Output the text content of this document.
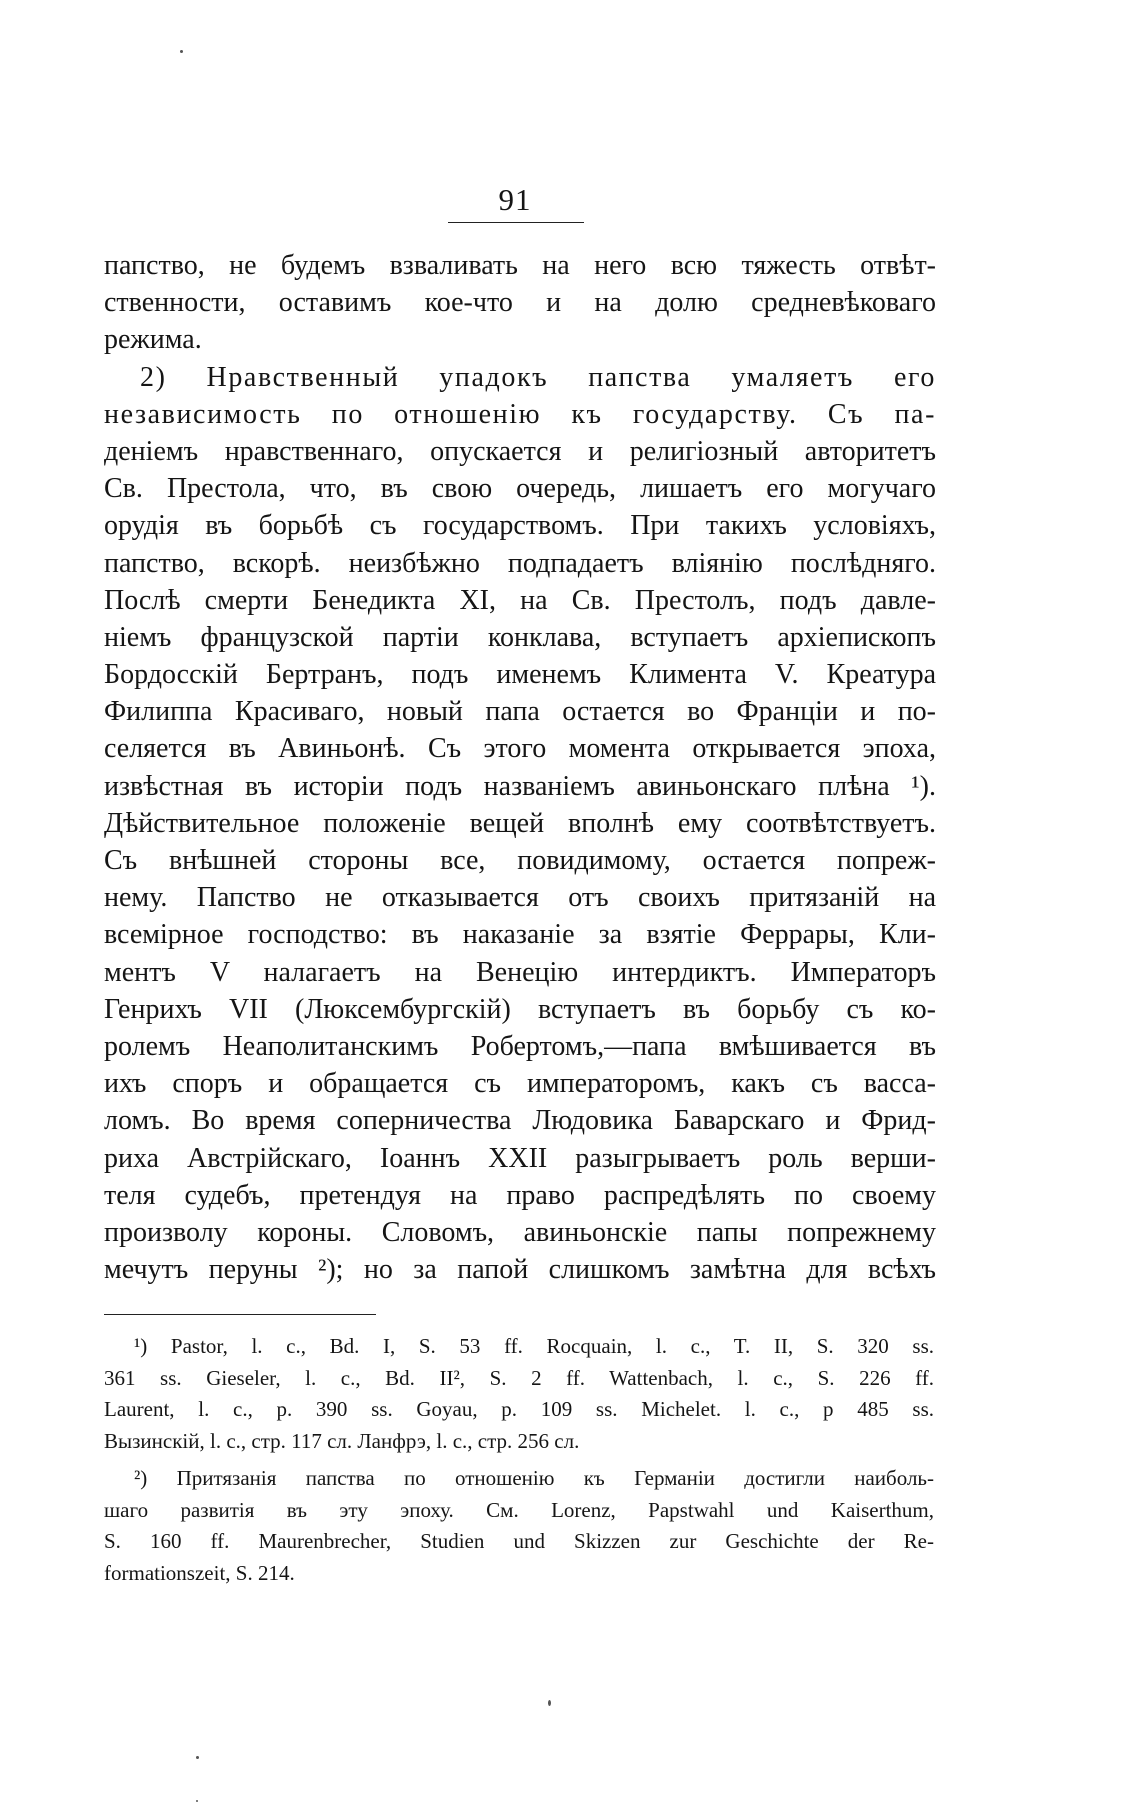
91
папство, не будемъ взваливать на него всю тяжесть отвѣт-
ственности, оставимъ кое-что и на долю средневѣковаго
режима.
2) Нравственный упадокъ папства умаляетъ его
независимость по отношенію къ государству. Съ па-
деніемъ нравственнаго, опускается и религіозный авторитетъ
Св. Престола, что, въ свою очередь, лишаетъ его могучаго
орудія въ борьбѣ съ государствомъ. При такихъ условіяхъ,
папство, вскорѣ. неизбѣжно подпадаетъ вліянію послѣдняго.
Послѣ смерти Бенедикта XI, на Св. Престолъ, подъ давле-
ніемъ французской партіи конклава, вступаетъ архіепископъ
Бордосскій Бертранъ, подъ именемъ Климента V. Креатура
Филиппа Красиваго, новый папа остается во Франціи и по-
селяется въ Авиньонѣ. Съ этого момента открывается эпоха,
извѣстная въ исторіи подъ названіемъ авиньонскаго плѣна ¹).
Дѣйствительное положеніе вещей вполнѣ ему соотвѣтствуетъ.
Съ внѣшней стороны все, повидимому, остается попреж-
нему. Папство не отказывается отъ своихъ притязаній на
всемірное господство: въ наказаніе за взятіе Феррары, Кли-
ментъ V налагаетъ на Венецію интердиктъ. Императоръ
Генрихъ VII (Люксембургскій) вступаетъ въ борьбу съ ко-
ролемъ Неаполитанскимъ Робертомъ,—папа вмѣшивается въ
ихъ споръ и обращается съ императоромъ, какъ съ васса-
ломъ. Во время соперничества Людовика Баварскаго и Фрид-
риха Австрійскаго, Іоаннъ XXII разыгрываетъ роль верши-
теля судебъ, претендуя на право распредѣлять по своему
произволу короны. Словомъ, авиньонскіе папы попрежнему
мечутъ перуны ²); но за папой слишкомъ замѣтна для всѣхъ
¹) Pastor, l. c., Bd. I, S. 53 ff. Rocquain, l. c., T. II, S. 320 ss.
361 ss. Gieseler, l. c., Bd. II², S. 2 ff. Wattenbach, l. c., S. 226 ff.
Laurent, l. c., p. 390 ss. Goyau, p. 109 ss. Michelet. l. c., p 485 ss.
Вызинскій, l. c., стр. 117 сл. Ланфрэ, l. c., стр. 256 сл.
²) Притязанія папства по отношенію къ Германіи достигли наиболь-
шаго развитія въ эту эпоху. См. Lorenz, Papstwahl und Kaiserthum,
S. 160 ff. Maurenbrecher, Studien und Skizzen zur Geschichte der Re-
formationszeit, S. 214.
